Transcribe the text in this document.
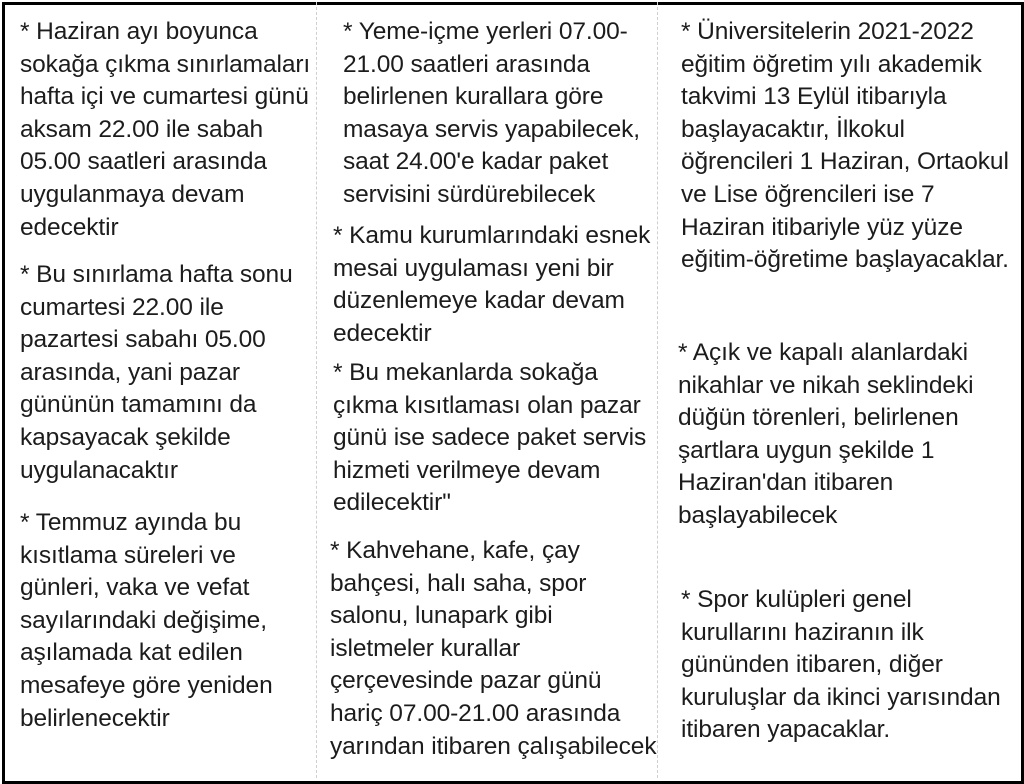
* Haziran ayı boyunca
sokağa çıkma sınırlamaları
hafta içi ve cumartesi günü
aksam 22.00 ile sabah
05.00 saatleri arasında
uygulanmaya devam
edecektir

* Bu sınırlama hafta sonu
cumartesi 22.00 ile
pazartesi sabahı 05.00
arasında, yani pazar
gününün tamamını da
kapsayacak şekilde
uygulanacaktır

* Temmuz ayında bu
kısıtlama süreleri ve
günleri, vaka ve vefat
sayılarındaki değişime,
aşılamada kat edilen
mesafeye göre yeniden
belirlenecektir

* Yeme-içme yerleri 07.00-
21.00 saatleri arasında
belirlenen kurallara göre
masaya servis yapabilecek,
saat 24.00'e kadar paket
servisini sürdürebilecek

* Kamu kurumlarındaki esnek
mesai uygulaması yeni bir
düzenlemeye kadar devam
edecektir

* Bu mekanlarda sokağa
çıkma kısıtlaması olan pazar
günü ise sadece paket servis
hizmeti verilmeye devam
edilecektir"

* Kahvehane, kafe, çay
bahçesi, halı saha, spor
salonu, lunapark gibi
isletmeler kurallar
çerçevesinde pazar günü
hariç 07.00-21.00 arasında
yarından itibaren çalışabilecek

* Üniversitelerin 2021-2022
eğitim öğretim yılı akademik
takvimi 13 Eylül itibarıyla
başlayacaktır, İlkokul
öğrencileri 1 Haziran, Ortaokul
ve Lise öğrencileri ise 7
Haziran itibariyle yüz yüze
eğitim-öğretime başlayacaklar.

* Açık ve kapalı alanlardaki
nikahlar ve nikah seklindeki
düğün törenleri, belirlenen
şartlara uygun şekilde 1
Haziran'dan itibaren
başlayabilecek

* Spor kulüpleri genel
kurullarını haziranın ilk
gününden itibaren, diğer
kuruluşlar da ikinci yarısından
itibaren yapacaklar.
